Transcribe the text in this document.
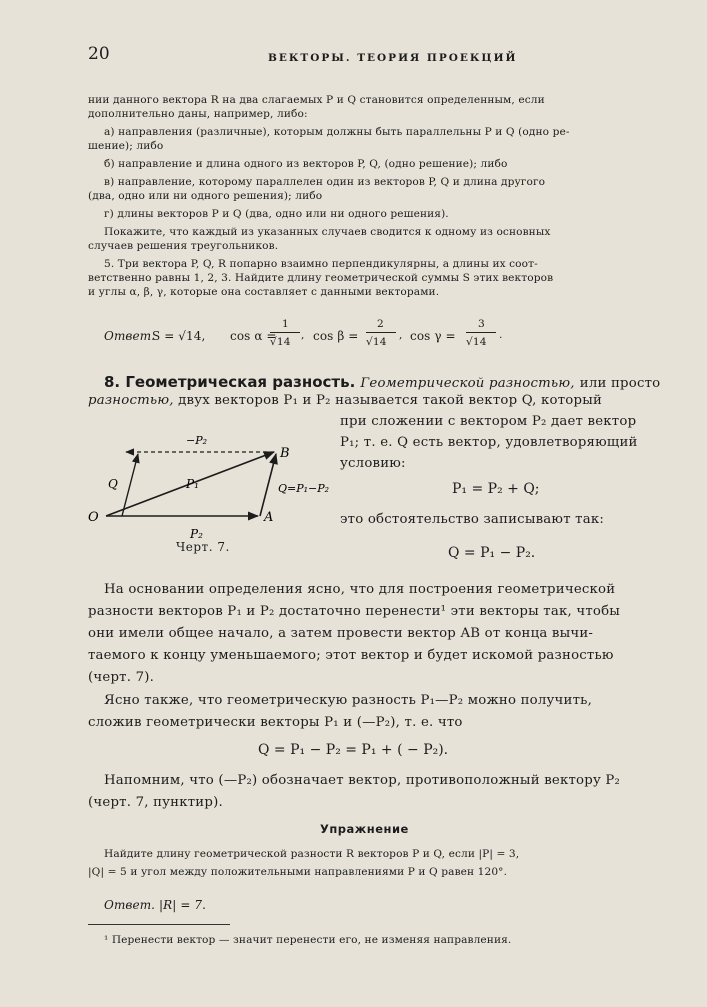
20	ВЕКТОРЫ. ТЕОРИЯ ПРОЕКЦИЙ
нии данного вектора R на два слагаемых P и Q становится определенным, если
дополнительно даны, например, либо:
а) направления (различные), которым должны быть параллельны P и Q (одно ре-
шение); либо
б) направление и длина одного из векторов P, Q, (одно решение); либо
в) направление, которому параллелен один из векторов P, Q и длина другого
(два, одно или ни одного решения); либо
г) длины векторов P и Q (два, одно или ни одного решения).
Покажите, что каждый из указанных случаев сводится к одному из основных
случаев решения треугольников.
5. Три вектора P, Q, R попарно взаимно перпендикулярны, а длины их соот-
ветственно равны 1, 2, 3. Найдите длину геометрической суммы S этих векторов
и углы α, β, γ, которые она составляет с данными векторами.
Ответ.
S = √14, cos α =
1
√14
, cos β =
2
√14
, cos γ =
3
√14
.
8. Геометрическая разность. Геометрической разностью, или просто
разностью, двух векторов P₁ и P₂ называется такой вектор Q, который
при сложении с вектором P₂ дает вектор
P₁; т. е. Q есть вектор, удовлетворяющий
условию:
P₁ = P₂ + Q;
это обстоятельство записывают так:
Q = P₁ − P₂.
O	A
B
P₁
P₂
−P₂
Q	Q=P₁−P₂
Черт. 7.
На основании определения ясно, что для построения геометрической
разности векторов P₁ и P₂ достаточно перенести¹ эти векторы так, чтобы
они имели общее начало, а затем провести вектор AB от конца вычи-
таемого к концу уменьшаемого; этот вектор и будет искомой разностью
(черт. 7).
Ясно также, что геометрическую разность P₁—P₂ можно получить,
сложив геометрически векторы P₁ и (—P₂), т. е. что
Q = P₁ − P₂ = P₁ + ( − P₂).
Напомним, что (—P₂) обозначает вектор, противоположный вектору P₂
(черт. 7, пунктир).
Упражнение
Найдите длину геометрической разности R векторов P и Q, если |P| = 3,
|Q| = 5 и угол между положительными направлениями P и Q равен 120°.
Ответ. |R| = 7.
¹ Перенести вектор — значит перенести его, не изменяя направления.
